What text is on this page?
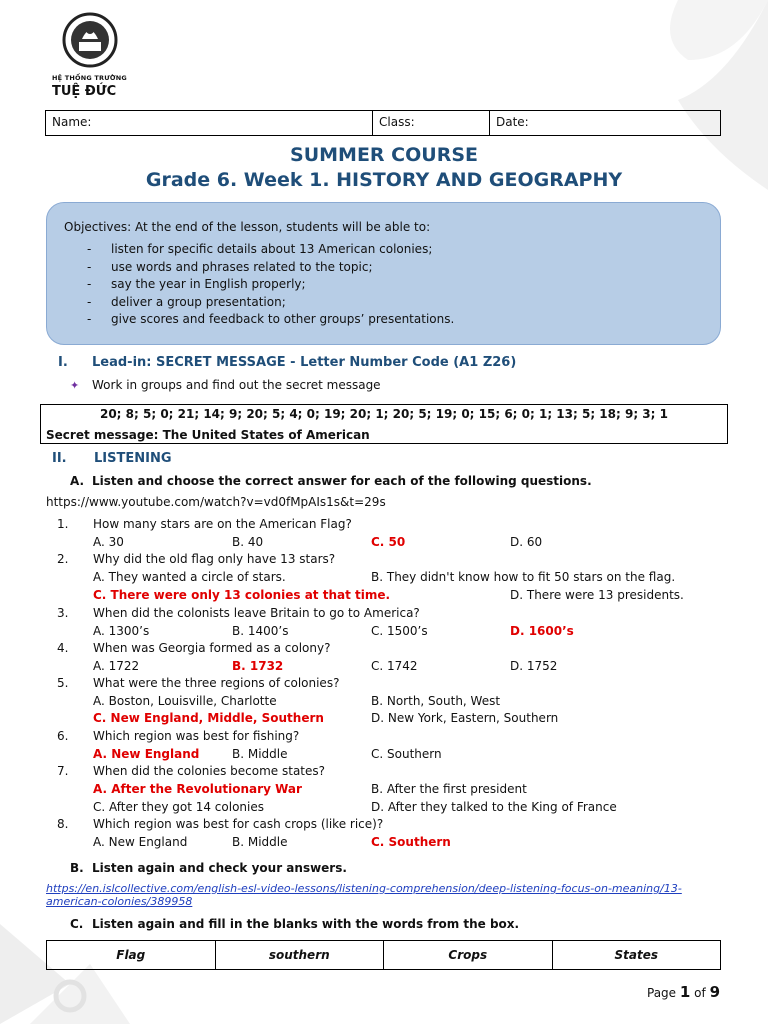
HỆ THỐNG TRƯỜNG
TUỆ ĐỨC
Name:	Class:	Date:
SUMMER COURSE
Grade 6. Week 1. HISTORY AND GEOGRAPHY
Objectives: At the end of the lesson, students will be able to:
- listen for specific details about 13 American colonies;
- use words and phrases related to the topic;
- say the year in English properly;
- deliver a group presentation;
- give scores and feedback to other groups’ presentations.
I. Lead-in: SECRET MESSAGE - Letter Number Code (A1 Z26)
✦ Work in groups and find out the secret message
20; 8; 5; 0; 21; 14; 9; 20; 5; 4; 0; 19; 20; 1; 20; 5; 19; 0; 15; 6; 0; 1; 13; 5; 18; 9; 3; 1
Secret message: The United States of American
II. LISTENING
A. Listen and choose the correct answer for each of the following questions.
https://www.youtube.com/watch?v=vd0fMpAIs1s&t=29s
1. How many stars are on the American Flag?
A. 30	B. 40	C. 50	D. 60
2. Why did the old flag only have 13 stars?
A. They wanted a circle of stars.	B. They didn't know how to fit 50 stars on the flag.
C. There were only 13 colonies at that time.	D. There were 13 presidents.
3. When did the colonists leave Britain to go to America?
A. 1300’s	B. 1400’s	C. 1500’s	D. 1600’s
4. When was Georgia formed as a colony?
A. 1722	B. 1732	C. 1742	D. 1752
5. What were the three regions of colonies?
A. Boston, Louisville, Charlotte	B. North, South, West
C. New England, Middle, Southern	D. New York, Eastern, Southern
6. Which region was best for fishing?
A. New England	B. Middle	C. Southern
7. When did the colonies become states?
A. After the Revolutionary War	B. After the first president
C. After they got 14 colonies	D. After they talked to the King of France
8. Which region was best for cash crops (like rice)?
A. New England	B. Middle	C. Southern
B. Listen again and check your answers.
https://en.islcollective.com/english-esl-video-lessons/listening-comprehension/deep-listening-focus-on-meaning/13-american-colonies/389958
C. Listen again and fill in the blanks with the words from the box.
Flag	southern	Crops	States
Page 1 of 9
